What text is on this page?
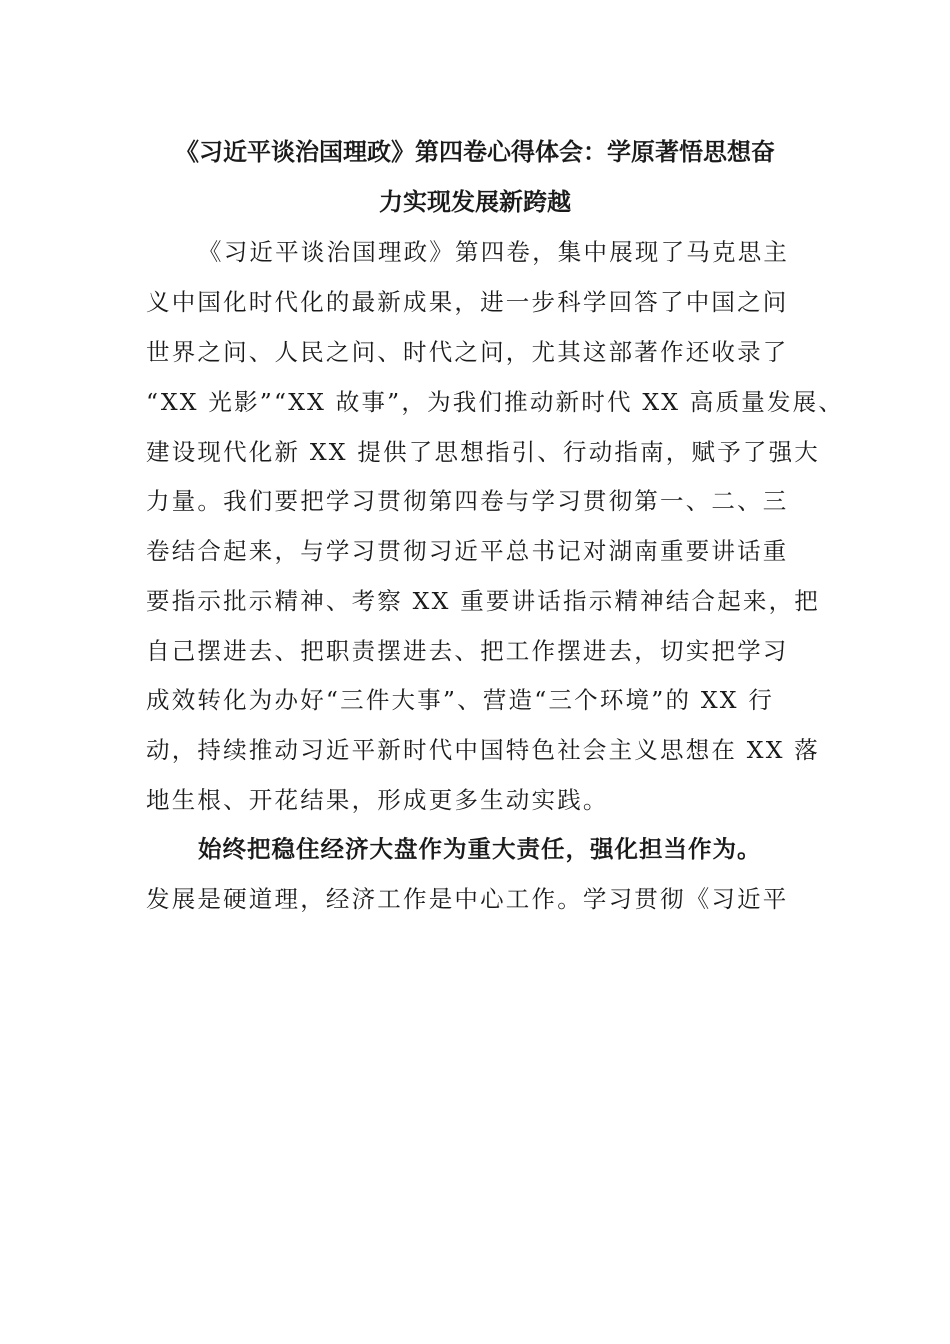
《习近平谈治国理政》第四卷心得体会：学原著悟思想奋
力实现发展新跨越
《习近平谈治国理政》第四卷，集中展现了马克思主
义中国化时代化的最新成果，进一步科学回答了中国之问
世界之问、人民之问、时代之问，尤其这部著作还收录了
“XX 光影”“XX 故事”，为我们推动新时代 XX 高质量发展、
建设现代化新 XX 提供了思想指引、行动指南，赋予了强大
力量。我们要把学习贯彻第四卷与学习贯彻第一、二、三
卷结合起来，与学习贯彻习近平总书记对湖南重要讲话重
要指示批示精神、考察 XX 重要讲话指示精神结合起来，把
自己摆进去、把职责摆进去、把工作摆进去，切实把学习
成效转化为办好“三件大事”、营造“三个环境”的 XX 行
动，持续推动习近平新时代中国特色社会主义思想在 XX 落
地生根、开花结果，形成更多生动实践。
始终把稳住经济大盘作为重大责任，强化担当作为。
发展是硬道理，经济工作是中心工作。学习贯彻《习近平
